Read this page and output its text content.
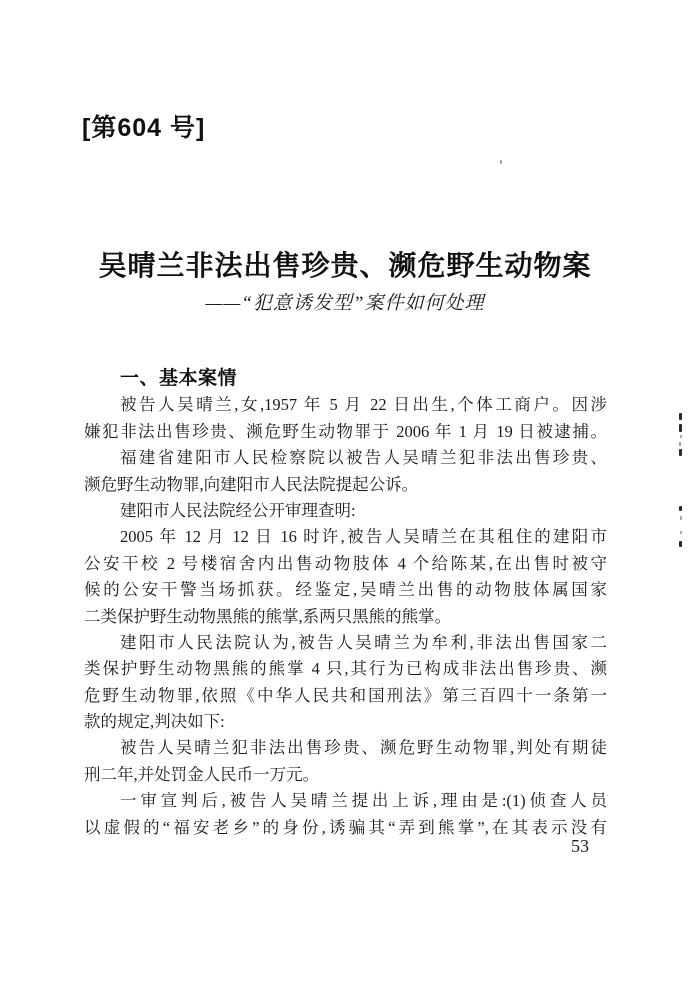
[第604 号]
吴晴兰非法出售珍贵、濒危野生动物案
——“犯意诱发型”案件如何处理
一、基本案情
被告人吴晴兰,女,1957 年 5 月 22 日出生,个体工商户。因涉
嫌犯非法出售珍贵、濒危野生动物罪于 2006 年 1 月 19 日被逮捕。
福建省建阳市人民检察院以被告人吴晴兰犯非法出售珍贵、
濒危野生动物罪,向建阳市人民法院提起公诉。
建阳市人民法院经公开审理查明:
2005 年 12 月 12 日 16 时许,被告人吴晴兰在其租住的建阳市
公安干校 2 号楼宿舍内出售动物肢体 4 个给陈某,在出售时被守
候的公安干警当场抓获。经鉴定,吴晴兰出售的动物肢体属国家
二类保护野生动物黑熊的熊掌,系两只黑熊的熊掌。
建阳市人民法院认为,被告人吴晴兰为牟利,非法出售国家二
类保护野生动物黑熊的熊掌 4 只,其行为已构成非法出售珍贵、濒
危野生动物罪,依照《中华人民共和国刑法》第三百四十一条第一
款的规定,判决如下:
被告人吴晴兰犯非法出售珍贵、濒危野生动物罪,判处有期徒
刑二年,并处罚金人民币一万元。
一审宣判后,被告人吴晴兰提出上诉,理由是:(1)侦查人员
以虚假的“福安老乡”的身份,诱骗其“弄到熊掌”,在其表示没有
53
